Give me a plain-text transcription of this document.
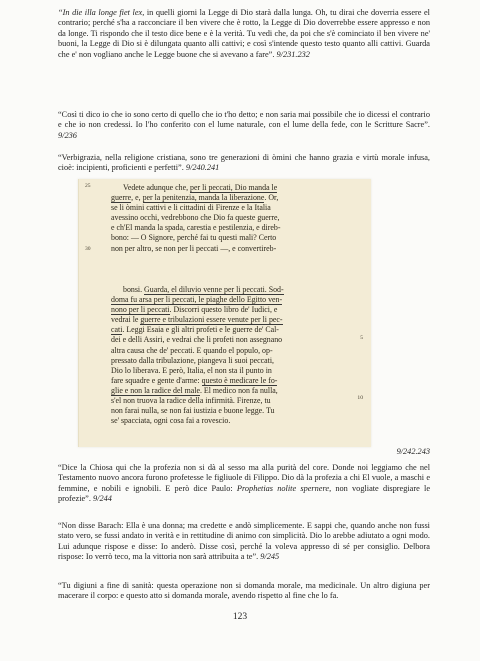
“In die illa longe fiet lex, in quelli giorni la Legge di Dio starà dalla lunga. Oh, tu dirai che doverria essere el contrario; perché s'ha a racconciare il ben vivere che è rotto, la Legge di Dio doverrebbe essere appresso e non da longe. Ti rispondo che il testo dice bene e è la verità. Tu vedi che, da poi che s'è cominciato il ben vivere ne' buoni, la Legge di Dio si è dilungata quanto alli cattivi; e così s'intende questo testo quanto alli cattivi. Guarda che e' non vogliano anche le Legge buone che si avevano a fare”. 9/231.232

“Così ti dico io che io sono certo di quello che io t'ho detto; e non saria mai possibile che io dicessi el contrario e che io non credessi. Io l'ho conferito con el lume naturale, con el lume della fede, con le Scritture Sacre”. 9/236

“Verbigrazia, nella religione cristiana, sono tre generazioni di òmini che hanno grazia e virtù morale infusa, cioè: incipienti, proficienti e perfetti”. 9/240.241

25
30
5
10
Vedete adunque che, per li peccati, Dio manda le
guerre, e, per la penitenzia, manda la liberazione. Or,
se li òmini cattivi e li cittadini di Firenze e la Italia
avessino occhi, vedrebbono che Dio fa queste guerre,
e ch'El manda la spada, carestia e pestilenzia, e direb-
bono: — O Signore, perché fai tu questi mali? Certo
non per altro, se non per li peccati —, e convertireb-
bonsi. Guarda, el diluvio venne per li peccati. Sod-
doma fu arsa per li peccati, le piaghe dello Egitto ven-
nono per li peccati. Discorri questo libro de' Iudici, e
vedrai le guerre e tribulazioni essere venute per li pec-
cati. Leggi Esaia e gli altri profeti e le guerre de' Cal-
dei e delli Assiri, e vedrai che li profeti non assegnano
altra causa che de' peccati. E quando el populo, op-
pressato dalla tribulazione, piangeva li suoi peccati,
Dio lo liberava. E però, Italia, el non sta il punto in
fare squadre e gente d'arme: questo è medicare le fo-
glie e non la radice del male. El medico non fa nulla,
s'el non truova la radice della infirmità. Firenze, tu
non farai nulla, se non fai iustizia e buone legge. Tu
se' spacciata, ogni cosa fai a rovescio.

9/242.243

“Dice la Chiosa qui che la profezia non si dà al sesso ma alla purità del core. Donde noi leggiamo che nel Testamento nuovo ancora furono profetesse le figliuole di Filippo. Dio dà la profezia a chi El vuole, a maschi e femmine, e nobili e ignobili. E però dice Paulo: Prophetias nolite spernere, non vogliate dispregiare le profezie”. 9/244

“Non disse Barach: Ella è una donna; ma credette e andò simplicemente. E sappi che, quando anche non fussi stato vero, se fussi andato in verità e in rettitudine di animo con simplicità. Dio lo arebbe adiutato a ogni modo. Lui adunque rispose e disse: Io anderò. Disse così, perché la voleva appresso di sé per consiglio. Delbora rispose: Io verrò teco, ma la vittoria non sarà attribuita a te”. 9/245

“Tu digiuni a fine di sanità: questa operazione non si domanda morale, ma medicinale. Un altro digiuna per macerare il corpo: e questo atto si domanda morale, avendo rispetto al fine che lo fa.

123
